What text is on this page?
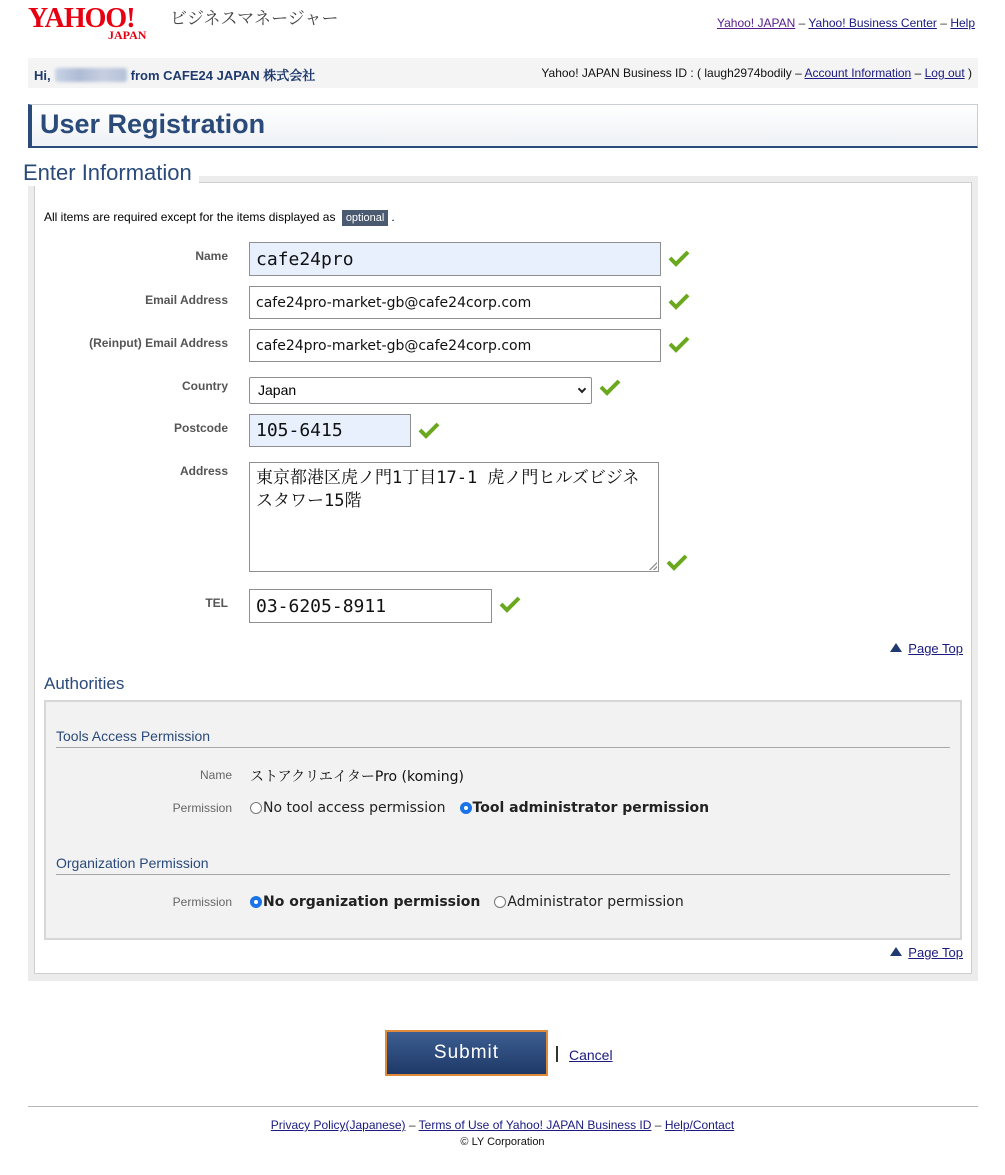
YAHOO!
JAPAN
ビジネスマネージャー	Yahoo! JAPAN – Yahoo! Business Center – Help
Hi,	from CAFE24 JAPAN 株式会社	Yahoo! JAPAN Business ID : ( laugh2974bodily – Account Information – Log out )
User Registration
Enter Information
All items are required except for the items displayed as optional .
Name	cafe24pro
Email Address	cafe24pro-market-gb@cafe24corp.com
(Reinput) Email Address	cafe24pro-market-gb@cafe24corp.com
Country	Japan
Postcode	105-6415
Address 東京都港区虎ノ門1丁目17-1 虎ノ門ヒルズビジネスタワー15階
TEL	03-6205-8911
Page Top
Authorities
Tools Access Permission
Name ストアクリエイターPro (koming)
Permission No tool access permission Tool administrator permission
Organization Permission
Permission No organization permission Administrator permission
Page Top
Submit	Cancel
Privacy Policy(Japanese) – Terms of Use of Yahoo! JAPAN Business ID – Help/Contact
© LY Corporation
